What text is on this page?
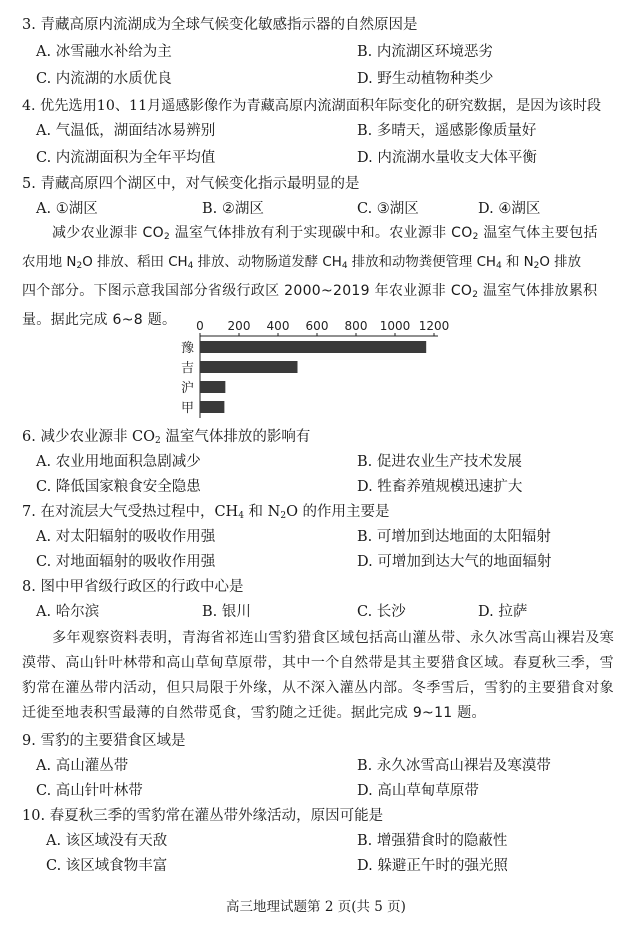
3. 青藏高原内流湖成为全球气候变化敏感指示器的自然原因是
A. 冰雪融水补给为主	B. 内流湖区环境恶劣
C. 内流湖的水质优良	D. 野生动植物种类少
4. 优先选用10、11月遥感影像作为青藏高原内流湖面积年际变化的研究数据，是因为该时段
A. 气温低，湖面结冰易辨别	B. 多晴天，遥感影像质量好
C. 内流湖面积为全年平均值	D. 内流湖水量收支大体平衡
5. 青藏高原四个湖区中，对气候变化指示最明显的是
A. ①湖区	B. ②湖区	C. ③湖区	D. ④湖区
减少农业源非 $CO_2$ 温室气体排放有利于实现碳中和。农业源非 $CO_2$ 温室气体主要包括
农用地 $N_2O$ 排放、稻田 $CH_4$ 排放、动物肠道发酵 $CH_4$ 排放和动物粪便管理 $CH_4$ 和 $N_2O$ 排放
四个部分。下图示意我国部分省级行政区 2000~2019 年农业源非 $CO_2$ 温室气体排放累积
量。据此完成 6~8 题。	0 200 400 600 800 1000 1200
豫
吉
沪
甲
6. 减少农业源非 $CO_2$ 温室气体排放的影响有
A. 农业用地面积急剧减少	B. 促进农业生产技术发展
C. 降低国家粮食安全隐患	D. 牲畜养殖规模迅速扩大
7. 在对流层大气受热过程中，$CH_4$ 和 $N_2O$ 的作用主要是
A. 对太阳辐射的吸收作用强	B. 可增加到达地面的太阳辐射
C. 对地面辐射的吸收作用强	D. 可增加到达大气的地面辐射
8. 图中甲省级行政区的行政中心是
A. 哈尔滨	B. 银川	C. 长沙	D. 拉萨
多年观察资料表明，青海省祁连山雪豹猎食区域包括高山灌丛带、永久冰雪高山裸岩及寒漠带、高山针叶林带和高山草甸草原带，其中一个自然带是其主要猎食区域。春夏秋三季，雪豹常在灌丛带内活动，但只局限于外缘，从不深入灌丛内部。冬季雪后，雪豹的主要猎食对象迁徙至地表积雪最薄的自然带觅食，雪豹随之迁徙。据此完成 9~11 题。
9. 雪豹的主要猎食区域是
A. 高山灌丛带	B. 永久冰雪高山裸岩及寒漠带
C. 高山针叶林带	D. 高山草甸草原带
10. 春夏秋三季的雪豹常在灌丛带外缘活动，原因可能是
A. 该区域没有天敌	B. 增强猎食时的隐蔽性
C. 该区域食物丰富	D. 躲避正午时的强光照
高三地理试题第 2 页(共 5 页)
